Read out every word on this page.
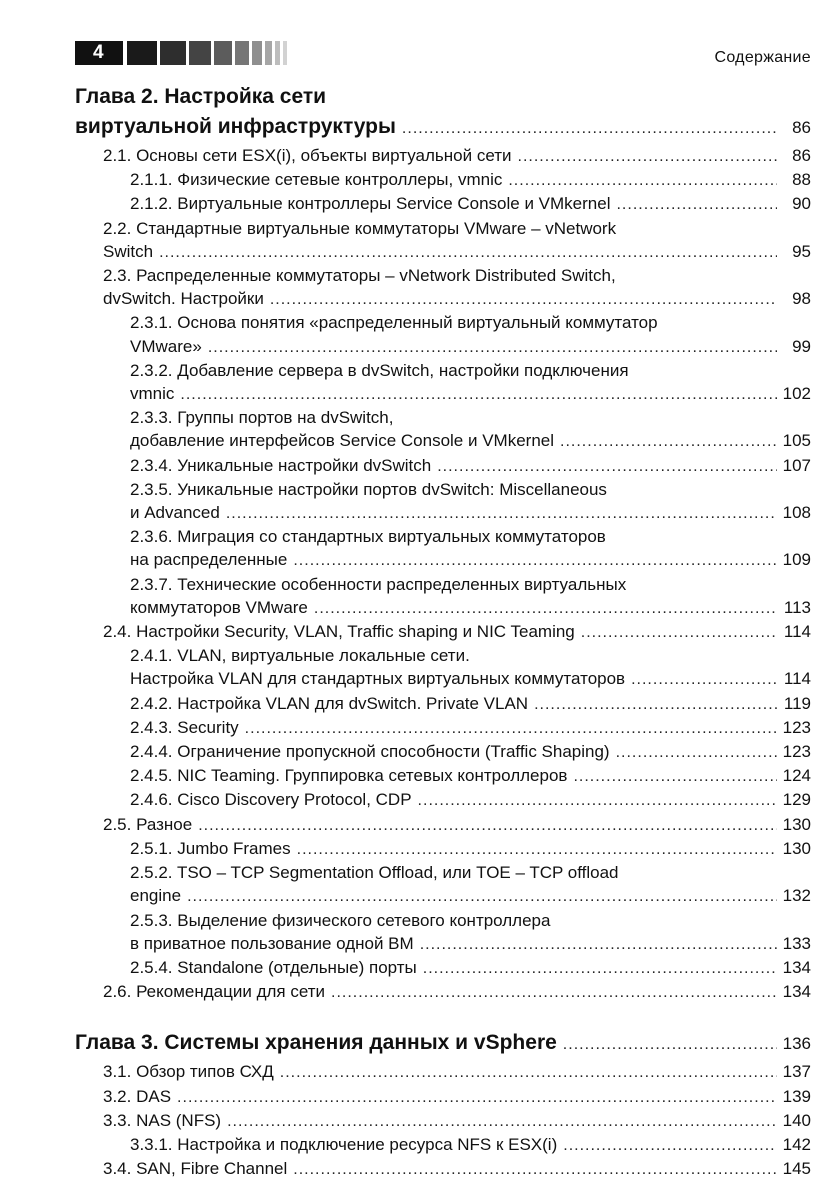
4	Содержание
Глава 2. Настройка сети
виртуальной инфраструктуры .....	86
2.1. Основы сети ESX(i), объекты виртуальной сети .....	86
2.1.1. Физические сетевые контроллеры, vmnic .....	88
2.1.2. Виртуальные контроллеры Service Console и VMkernel .....	90
2.2. Стандартные виртуальные коммутаторы VMware – vNetwork
Switch .....	95
2.3. Распределенные коммутаторы – vNetwork Distributed Switch,
dvSwitch. Настройки .....	98
2.3.1. Основа понятия «распределенный виртуальный коммутатор
VMware» .....	99
2.3.2. Добавление сервера в dvSwitch, настройки подключения
vmnic .....	102
2.3.3. Группы портов на dvSwitch,
добавление интерфейсов Service Console и VMkernel .....	105
2.3.4. Уникальные настройки dvSwitch .....	107
2.3.5. Уникальные настройки портов dvSwitch: Miscellaneous
и Advanced .....	108
2.3.6. Миграция со стандартных виртуальных коммутаторов
на распределенные .....	109
2.3.7. Технические особенности распределенных виртуальных
коммутаторов VMware .....	113
2.4. Настройки Security, VLAN, Traffic shaping и NIC Teaming .....	114
2.4.1. VLAN, виртуальные локальные сети.
Настройка VLAN для стандартных виртуальных коммутаторов .....	114
2.4.2. Настройка VLAN для dvSwitch. Private VLAN .....	119
2.4.3. Security .....	123
2.4.4. Ограничение пропускной способности (Traffic Shaping) .....	123
2.4.5. NIC Teaming. Группировка сетевых контроллеров .....	124
2.4.6. Cisco Discovery Protocol, CDP .....	129
2.5. Разное .....	130
2.5.1. Jumbo Frames .....	130
2.5.2. TSO – TCP Segmentation Offload, или TOE – TCP offload
engine .....	132
2.5.3. Выделение физического сетевого контроллера
в приватное пользование одной ВМ .....	133
2.5.4. Standalone (отдельные) порты .....	134
2.6. Рекомендации для сети .....	134
Глава 3. Системы хранения данных и vSphere .....	136
3.1. Обзор типов СХД .....	137
3.2. DAS .....	139
3.3. NAS (NFS) .....	140
3.3.1. Настройка и подключение ресурса NFS к ESX(i) .....	142
3.4. SAN, Fibre Channel .....	145
